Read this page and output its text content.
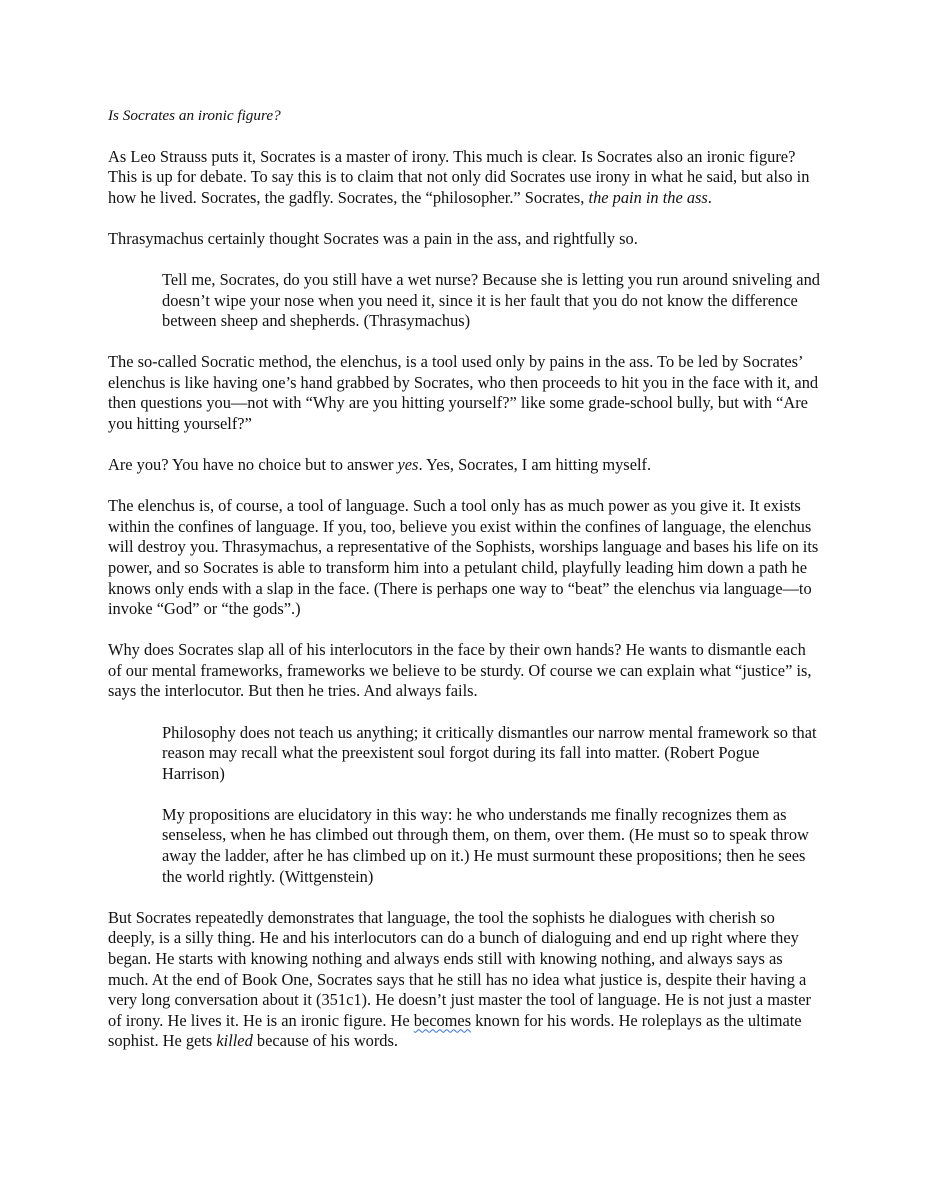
Is Socrates an ironic figure?

As Leo Strauss puts it, Socrates is a master of irony. This much is clear. Is Socrates also an ironic figure? This is up for debate. To say this is to claim that not only did Socrates use irony in what he said, but also in how he lived. Socrates, the gadfly. Socrates, the “philosopher.” Socrates, the pain in the ass.

Thrasymachus certainly thought Socrates was a pain in the ass, and rightfully so.

Tell me, Socrates, do you still have a wet nurse? Because she is letting you run around sniveling and doesn’t wipe your nose when you need it, since it is her fault that you do not know the difference between sheep and shepherds. (Thrasymachus)

The so-called Socratic method, the elenchus, is a tool used only by pains in the ass. To be led by Socrates’ elenchus is like having one’s hand grabbed by Socrates, who then proceeds to hit you in the face with it, and then questions you—not with “Why are you hitting yourself?” like some grade-school bully, but with “Are you hitting yourself?”

Are you? You have no choice but to answer yes. Yes, Socrates, I am hitting myself.

The elenchus is, of course, a tool of language. Such a tool only has as much power as you give it. It exists within the confines of language. If you, too, believe you exist within the confines of language, the elenchus will destroy you. Thrasymachus, a representative of the Sophists, worships language and bases his life on its power, and so Socrates is able to transform him into a petulant child, playfully leading him down a path he knows only ends with a slap in the face. (There is perhaps one way to “beat” the elenchus via language—to invoke “God” or “the gods”.)

Why does Socrates slap all of his interlocutors in the face by their own hands? He wants to dismantle each of our mental frameworks, frameworks we believe to be sturdy. Of course we can explain what “justice” is, says the interlocutor. But then he tries. And always fails.

Philosophy does not teach us anything; it critically dismantles our narrow mental framework so that reason may recall what the preexistent soul forgot during its fall into matter. (Robert Pogue Harrison)

My propositions are elucidatory in this way: he who understands me finally recognizes them as senseless, when he has climbed out through them, on them, over them. (He must so to speak throw away the ladder, after he has climbed up on it.) He must surmount these propositions; then he sees the world rightly. (Wittgenstein)

But Socrates repeatedly demonstrates that language, the tool the sophists he dialogues with cherish so deeply, is a silly thing. He and his interlocutors can do a bunch of dialoguing and end up right where they began. He starts with knowing nothing and always ends still with knowing nothing, and always says as much. At the end of Book One, Socrates says that he still has no idea what justice is, despite their having a very long conversation about it (351c1). He doesn’t just master the tool of language. He is not just a master of irony. He lives it. He is an ironic figure. He becomes known for his words. He roleplays as the ultimate sophist. He gets killed because of his words.
